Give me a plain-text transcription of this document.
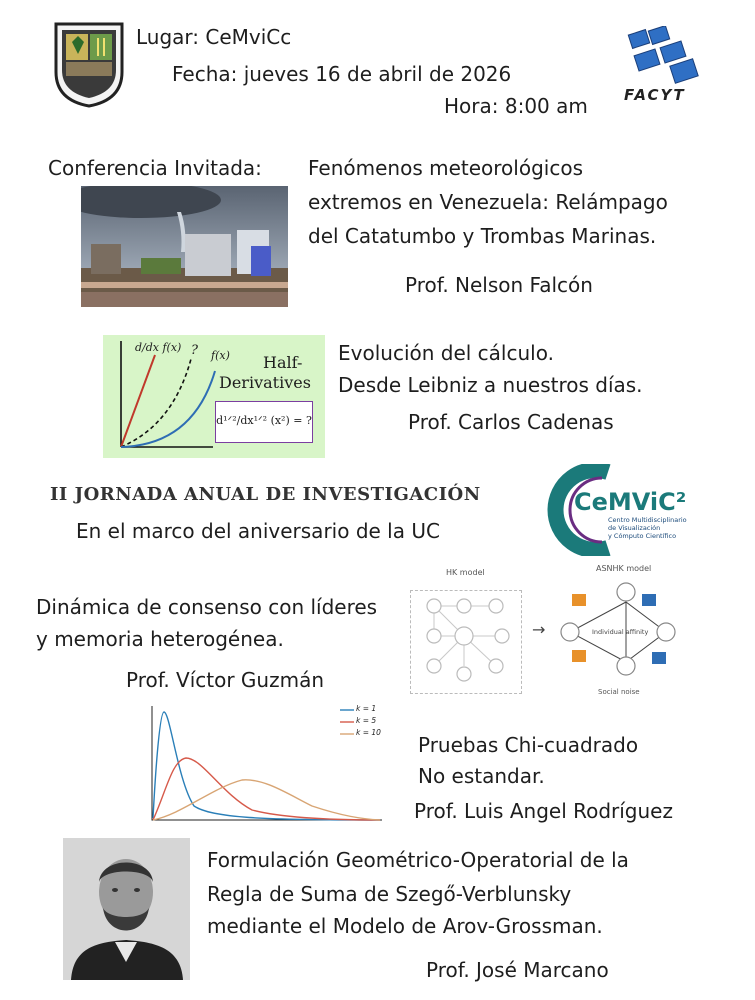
Lugar: CeMviCc
Fecha: jueves 16 de abril de 2026
Hora: 8:00 am FACYT
Conferencia Invitada: Fenómenos meteorológicos
extremos en Venezuela: Relámpago
del Catatumbo y Trombas Marinas.
Prof. Nelson Falcón
d/dx f(x) ? f(x) Half-
Derivatives
d¹ᐟ²/dx¹ᐟ² (x²) = ?
Evolución del cálculo.
Desde Leibniz a nuestros días.
Prof. Carlos Cadenas
II JORNADA ANUAL DE INVESTIGACIÓN
En el marco del aniversario de la UC
CeMViC²
Centro Multidisciplinario
de Visualización
y Cómputo Científico
Dinámica de consenso con líderes
y memoria heterogénea.
Prof. Víctor Guzmán
HK model
→
ASNHK model
Individual affinity
Social noise
k = 1
k = 5
k = 10
Pruebas Chi-cuadrado
No estandar.
Prof. Luis Angel Rodríguez
Formulación Geométrico-Operatorial de la
Regla de Suma de Szegő-Verblunsky
mediante el Modelo de Arov-Grossman.
Prof. José Marcano
